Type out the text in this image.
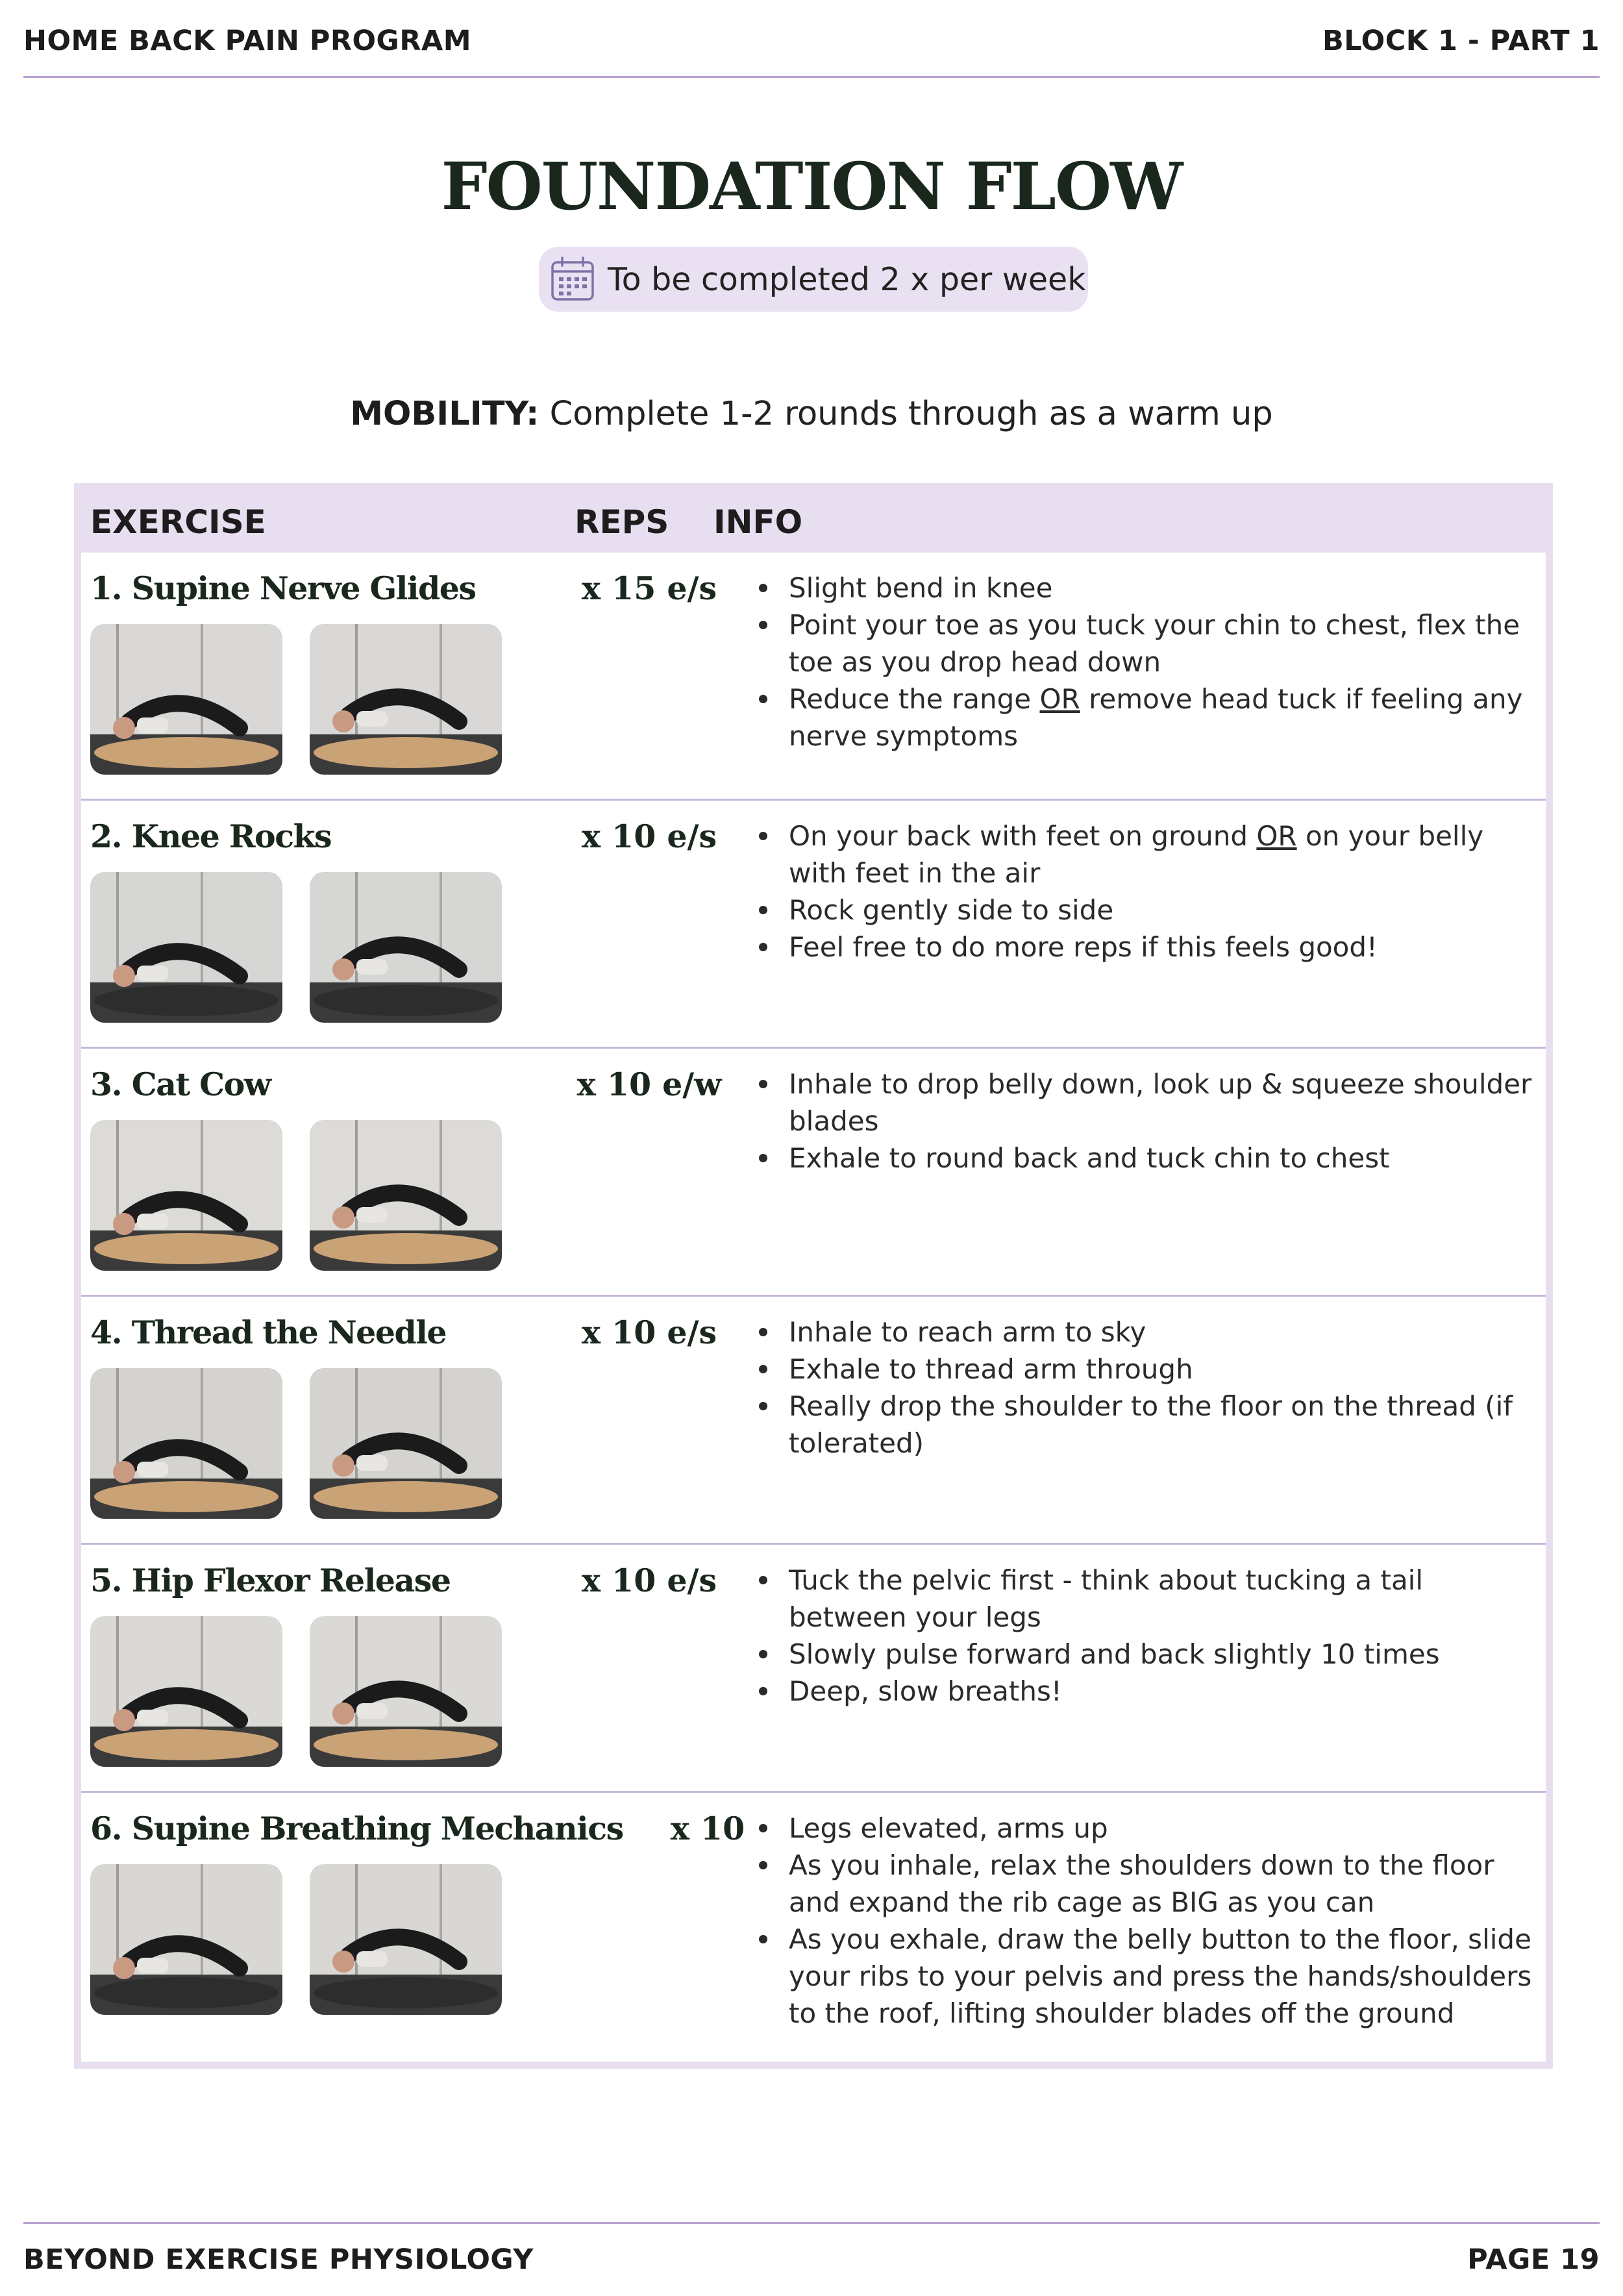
HOME BACK PAIN PROGRAM	BLOCK 1 - PART 1
FOUNDATION FLOW
To be completed 2 x per week
MOBILITY: Complete 1-2 rounds through as a warm up
EXERCISE	REPS INFO
1. Supine Nerve Glides	x 15 e/s	Slight bend in knee
Point your toe as you tuck your chin to chest, flex the toe as you drop head down
Reduce the range OR remove head tuck if feeling any nerve symptoms
2. Knee Rocks	x 10 e/s	On your back with feet on ground OR on your belly with feet in the air
Rock gently side to side
Feel free to do more reps if this feels good!
3. Cat Cow	x 10 e/w	Inhale to drop belly down, look up & squeeze shoulder blades
Exhale to round back and tuck chin to chest
4. Thread the Needle	x 10 e/s	Inhale to reach arm to sky
Exhale to thread arm through
Really drop the shoulder to the floor on the thread (if tolerated)
5. Hip Flexor Release	x 10 e/s	Tuck the pelvic first - think about tucking a tail between your legs
Slowly pulse forward and back slightly 10 times
Deep, slow breaths!
6. Supine Breathing Mechanics	x 10	Legs elevated, arms up
As you inhale, relax the shoulders down to the floor and expand the rib cage as BIG as you can
As you exhale, draw the belly button to the floor, slide your ribs to your pelvis and press the hands/shoulders to the roof, lifting shoulder blades off the ground
BEYOND EXERCISE PHYSIOLOGY	PAGE 19
